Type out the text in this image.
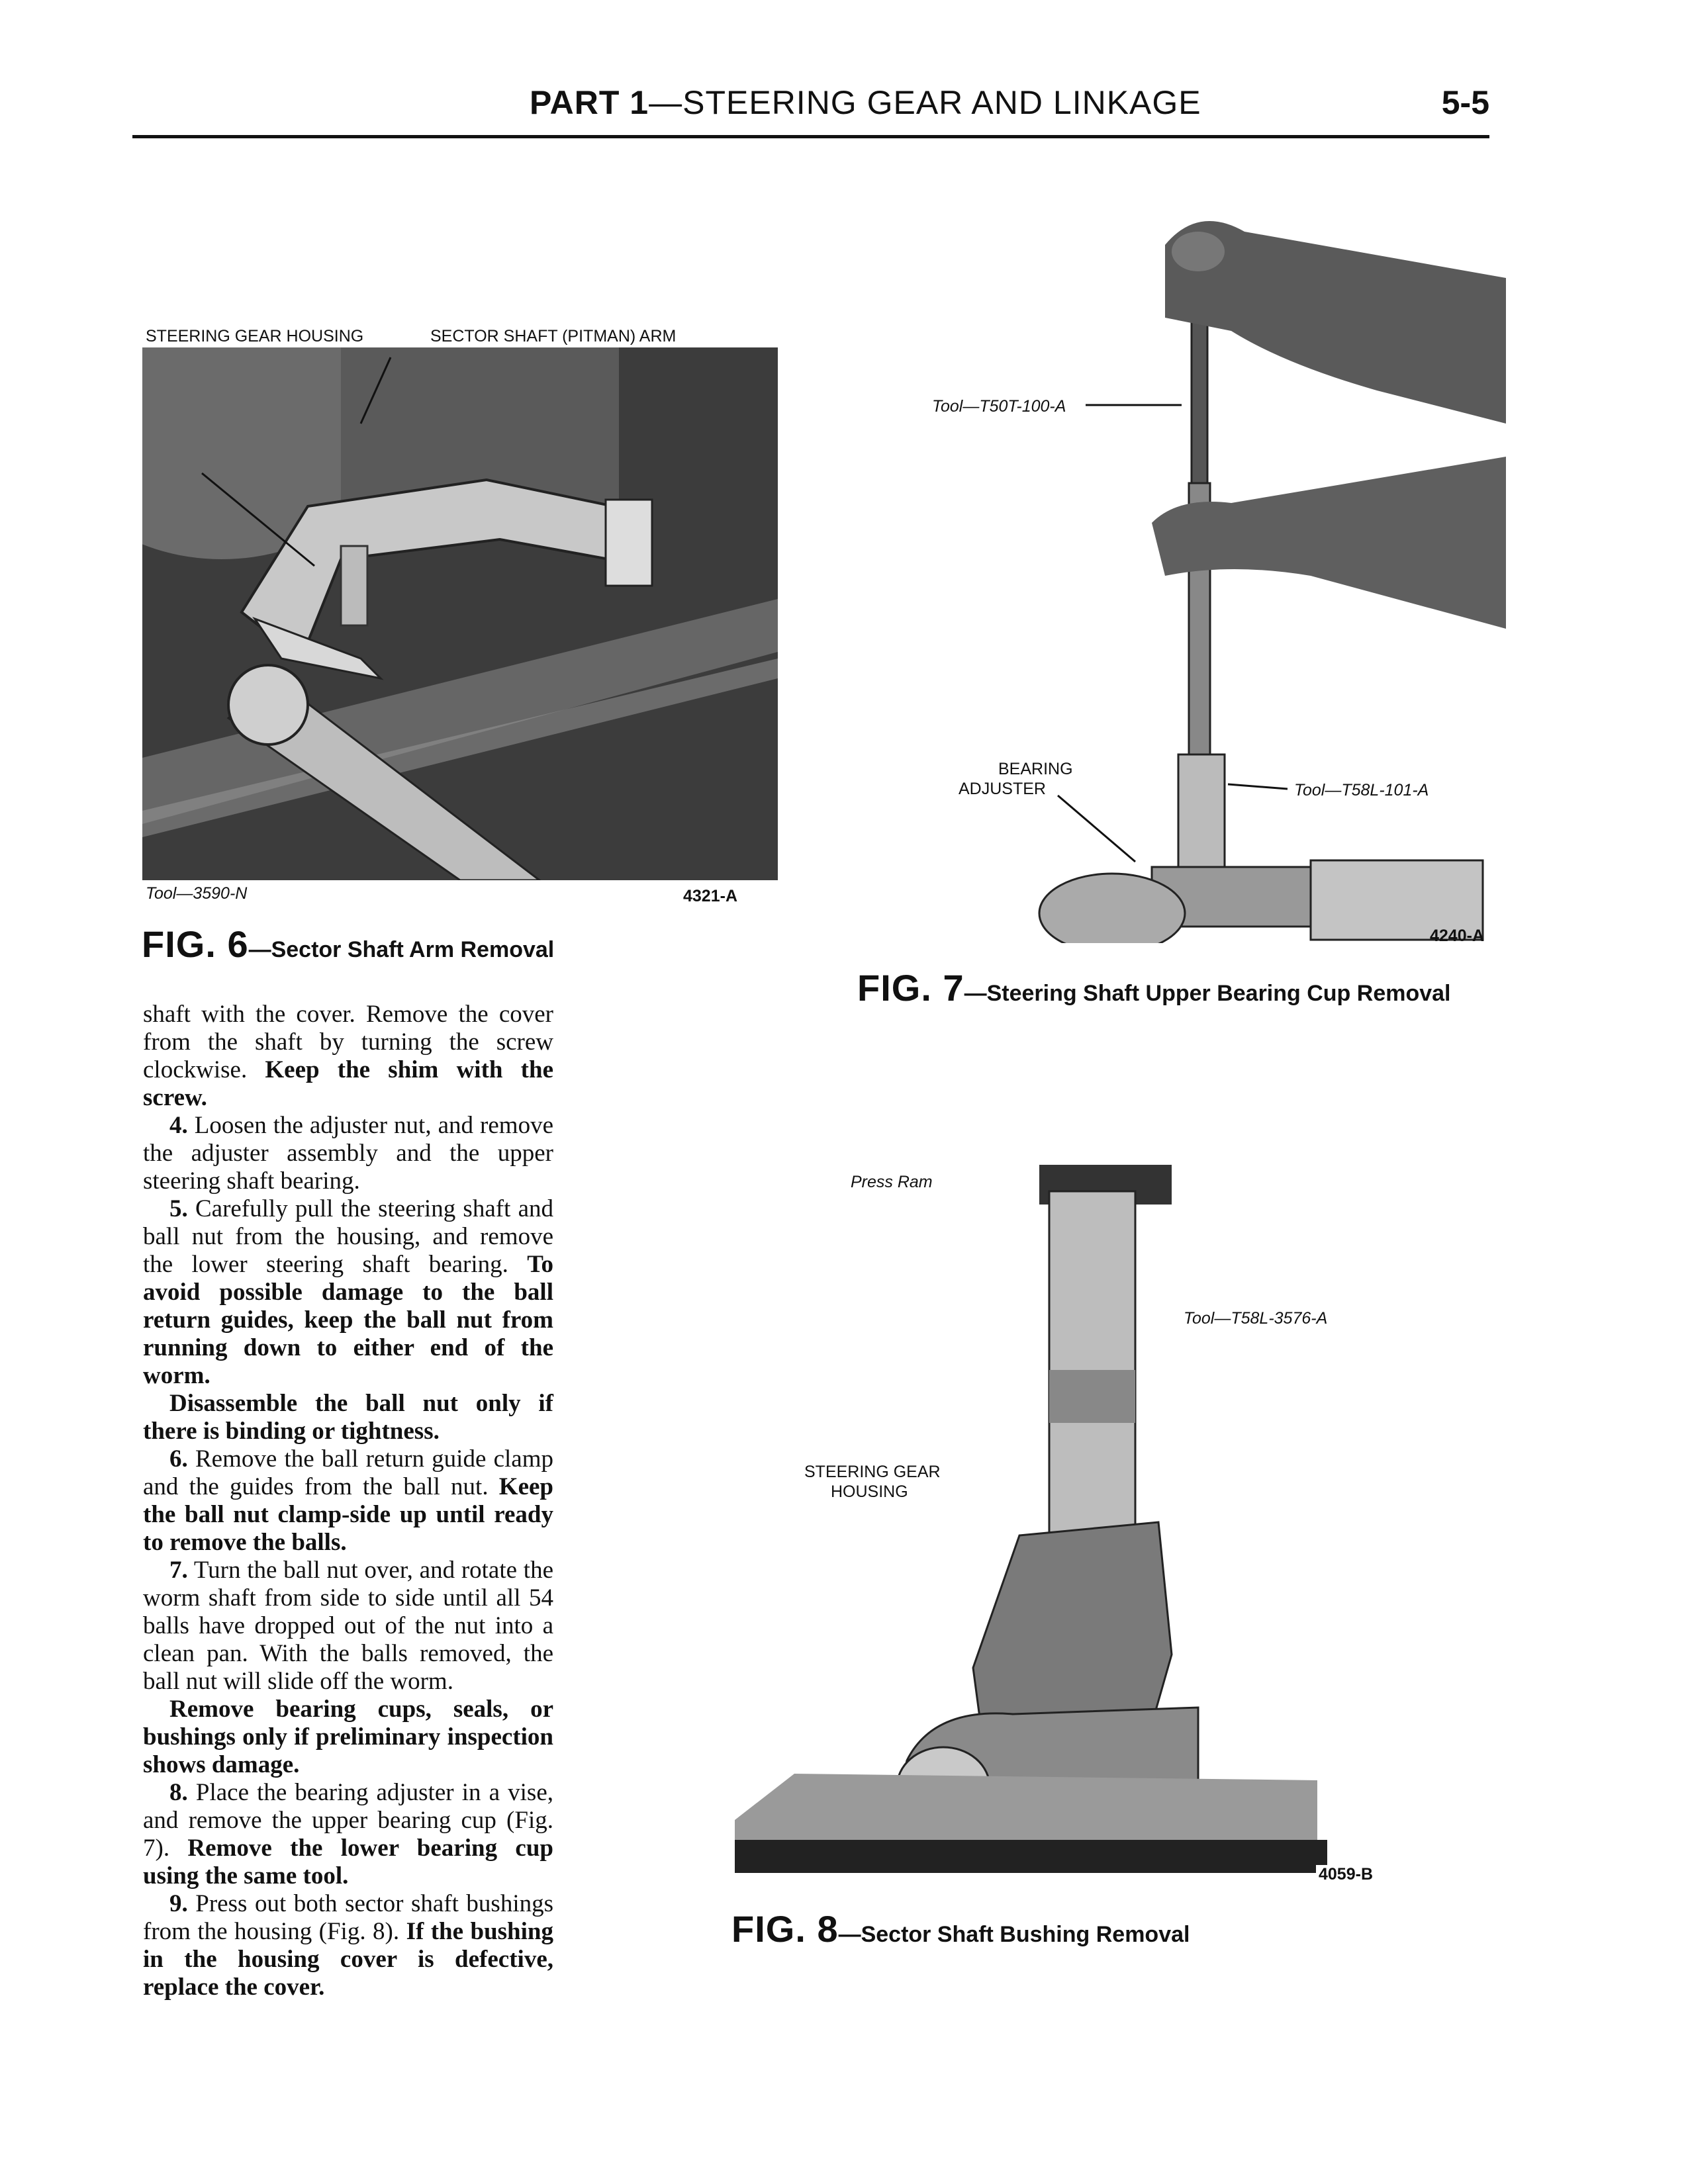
PART 1—STEERING GEAR AND LINKAGE	5-5
STEERING GEAR HOUSING	SECTOR SHAFT (PITMAN) ARM
Tool—3590-N	4321-A
FIG. 6—Sector Shaft Arm Removal
Tool—T50T-100-A
BEARING
ADJUSTER	Tool—T58L-101-A
4240-A
FIG. 7—Steering Shaft Upper Bearing Cup Removal
Press Ram
Tool—T58L-3576-A
STEERING GEAR
HOUSING
4059-B
FIG. 8—Sector Shaft Bushing Removal

shaft with the cover. Remove the cover from the shaft by turning the screw clockwise. Keep the shim with the screw.

4. Loosen the adjuster nut, and remove the adjuster assembly and the upper steering shaft bearing.

5. Carefully pull the steering shaft and ball nut from the housing, and remove the lower steering shaft bearing. To avoid possible damage to the ball return guides, keep the ball nut from running down to either end of the worm.

Disassemble the ball nut only if there is binding or tightness.

6. Remove the ball return guide clamp and the guides from the ball nut. Keep the ball nut clamp-side up until ready to remove the balls.

7. Turn the ball nut over, and rotate the worm shaft from side to side until all 54 balls have dropped out of the nut into a clean pan. With the balls removed, the ball nut will slide off the worm.

Remove bearing cups, seals, or bushings only if preliminary inspection shows damage.

8. Place the bearing adjuster in a vise, and remove the upper bearing cup (Fig. 7). Remove the lower bearing cup using the same tool.

9. Press out both sector shaft bushings from the housing (Fig. 8). If the bushing in the housing cover is defective, replace the cover.
